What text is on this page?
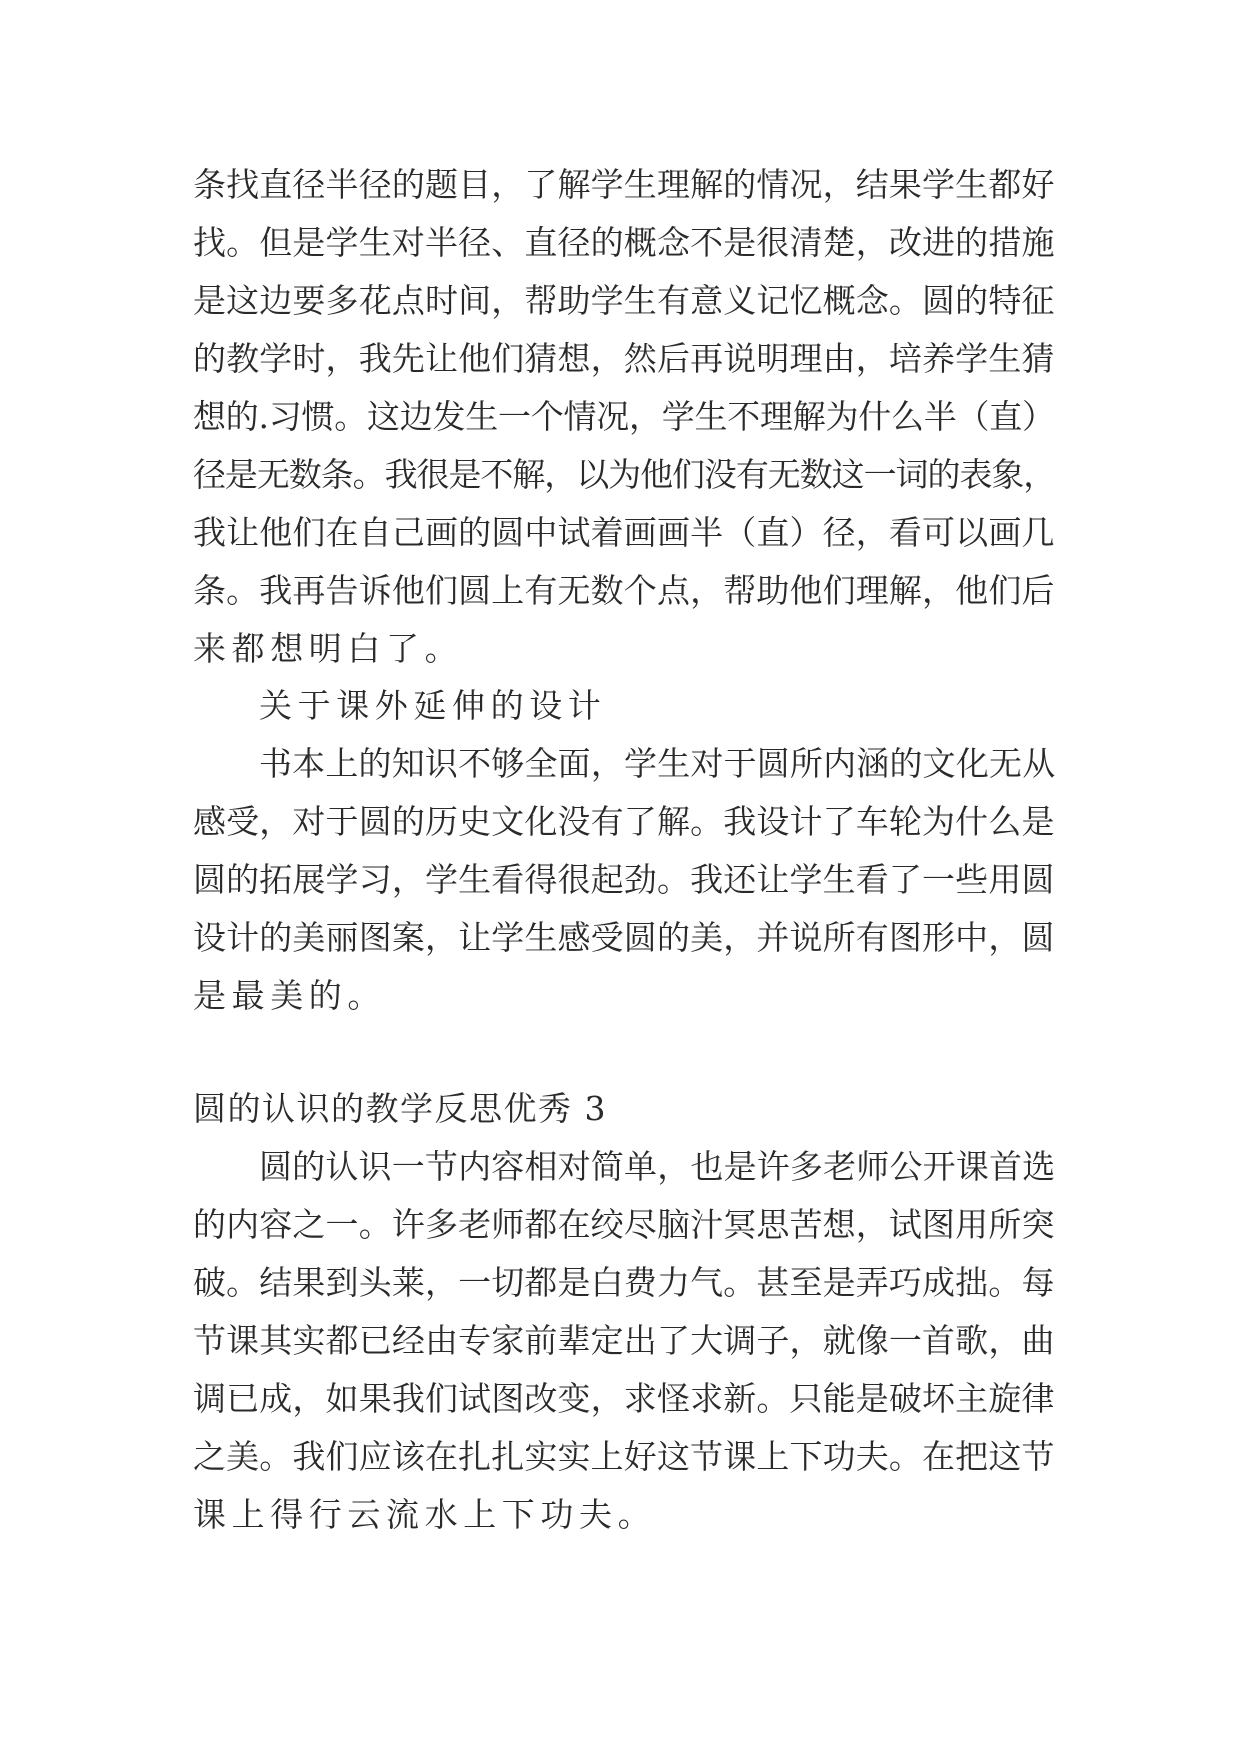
条找直径半径的题目，了解学生理解的情况，结果学生都好
找。但是学生对半径、直径的概念不是很清楚，改进的措施
是这边要多花点时间，帮助学生有意义记忆概念。圆的特征
的教学时，我先让他们猜想，然后再说明理由，培养学生猜
想的.习惯。这边发生一个情况，学生不理解为什么半（直）
径是无数条。我很是不解，以为他们没有无数这一词的表象，
我让他们在自己画的圆中试着画画半（直）径，看可以画几
条。我再告诉他们圆上有无数个点，帮助他们理解，他们后
来都想明白了。
关于课外延伸的设计
书本上的知识不够全面，学生对于圆所内涵的文化无从
感受，对于圆的历史文化没有了解。我设计了车轮为什么是
圆的拓展学习，学生看得很起劲。我还让学生看了一些用圆
设计的美丽图案，让学生感受圆的美，并说所有图形中，圆
是最美的。
圆的认识的教学反思优秀 3
圆的认识一节内容相对简单，也是许多老师公开课首选
的内容之一。许多老师都在绞尽脑汁冥思苦想，试图用所突
破。结果到头莱，一切都是白费力气。甚至是弄巧成拙。每
节课其实都已经由专家前辈定出了大调子，就像一首歌，曲
调已成，如果我们试图改变，求怪求新。只能是破坏主旋律
之美。我们应该在扎扎实实上好这节课上下功夫。在把这节
课上得行云流水上下功夫。
